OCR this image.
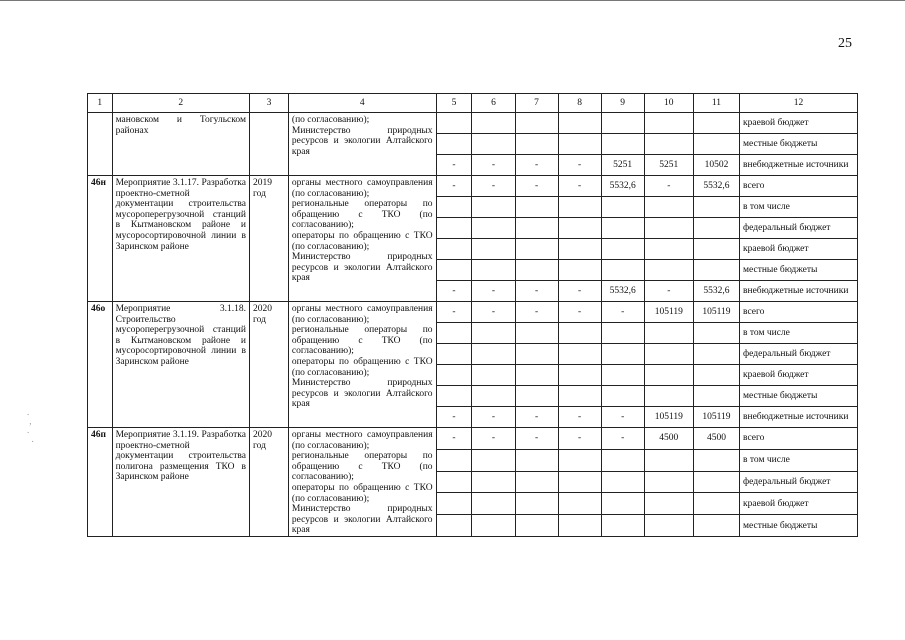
25
.
,
.
.
1	2	3	4	5	6	7	8	9	10	11	12
	мановском и Тогульском районах		(по согласованию);
Министерство природных ресурсов и экологии Алтайского края								краевой бюджет
											местные бюджеты
				-	-	-	-	5251	5251	10502	внебюджетные источники
46н	Мероприятие 3.1.17. Разработка проектно-сметной документации строительства мусороперегрузочной станций в Кытмановском районе и мусоросортировочной линии в Заринском районе	2019 год	органы местного самоуправления (по согласованию);
региональные операторы по обращению с ТКО (по согласованию);
операторы по обращению с ТКО (по согласованию);
Министерство природных ресурсов и экологии Алтайского края	-	-	-	-	5532,6	-	5532,6	всего
											в том числе
											федеральный бюджет
											краевой бюджет
											местные бюджеты
				-	-	-	-	5532,6	-	5532,6	внебюджетные источники
46о	Мероприятие 3.1.18. Строительство мусороперегрузочной станций в Кытмановском районе и мусоросортировочной линии в Заринском районе	2020 год	органы местного самоуправления (по согласованию);
региональные операторы по обращению с ТКО (по согласованию);
операторы по обращению с ТКО (по согласованию);
Министерство природных ресурсов и экологии Алтайского края	-	-	-	-	-	105119	105119	всего
											в том числе
											федеральный бюджет
											краевой бюджет
											местные бюджеты
				-	-	-	-	-	105119	105119	внебюджетные источники
46п	Мероприятие 3.1.19. Разработка проектно-сметной документации строительства полигона размещения ТКО в Заринском районе	2020 год	органы местного самоуправления (по согласованию);
региональные операторы по обращению с ТКО (по согласованию);
операторы по обращению с ТКО (по согласованию);
Министерство природных ресурсов и экологии Алтайского края	-	-	-	-	-	4500	4500	всего
											в том числе
											федеральный бюджет
											краевой бюджет
											местные бюджеты
